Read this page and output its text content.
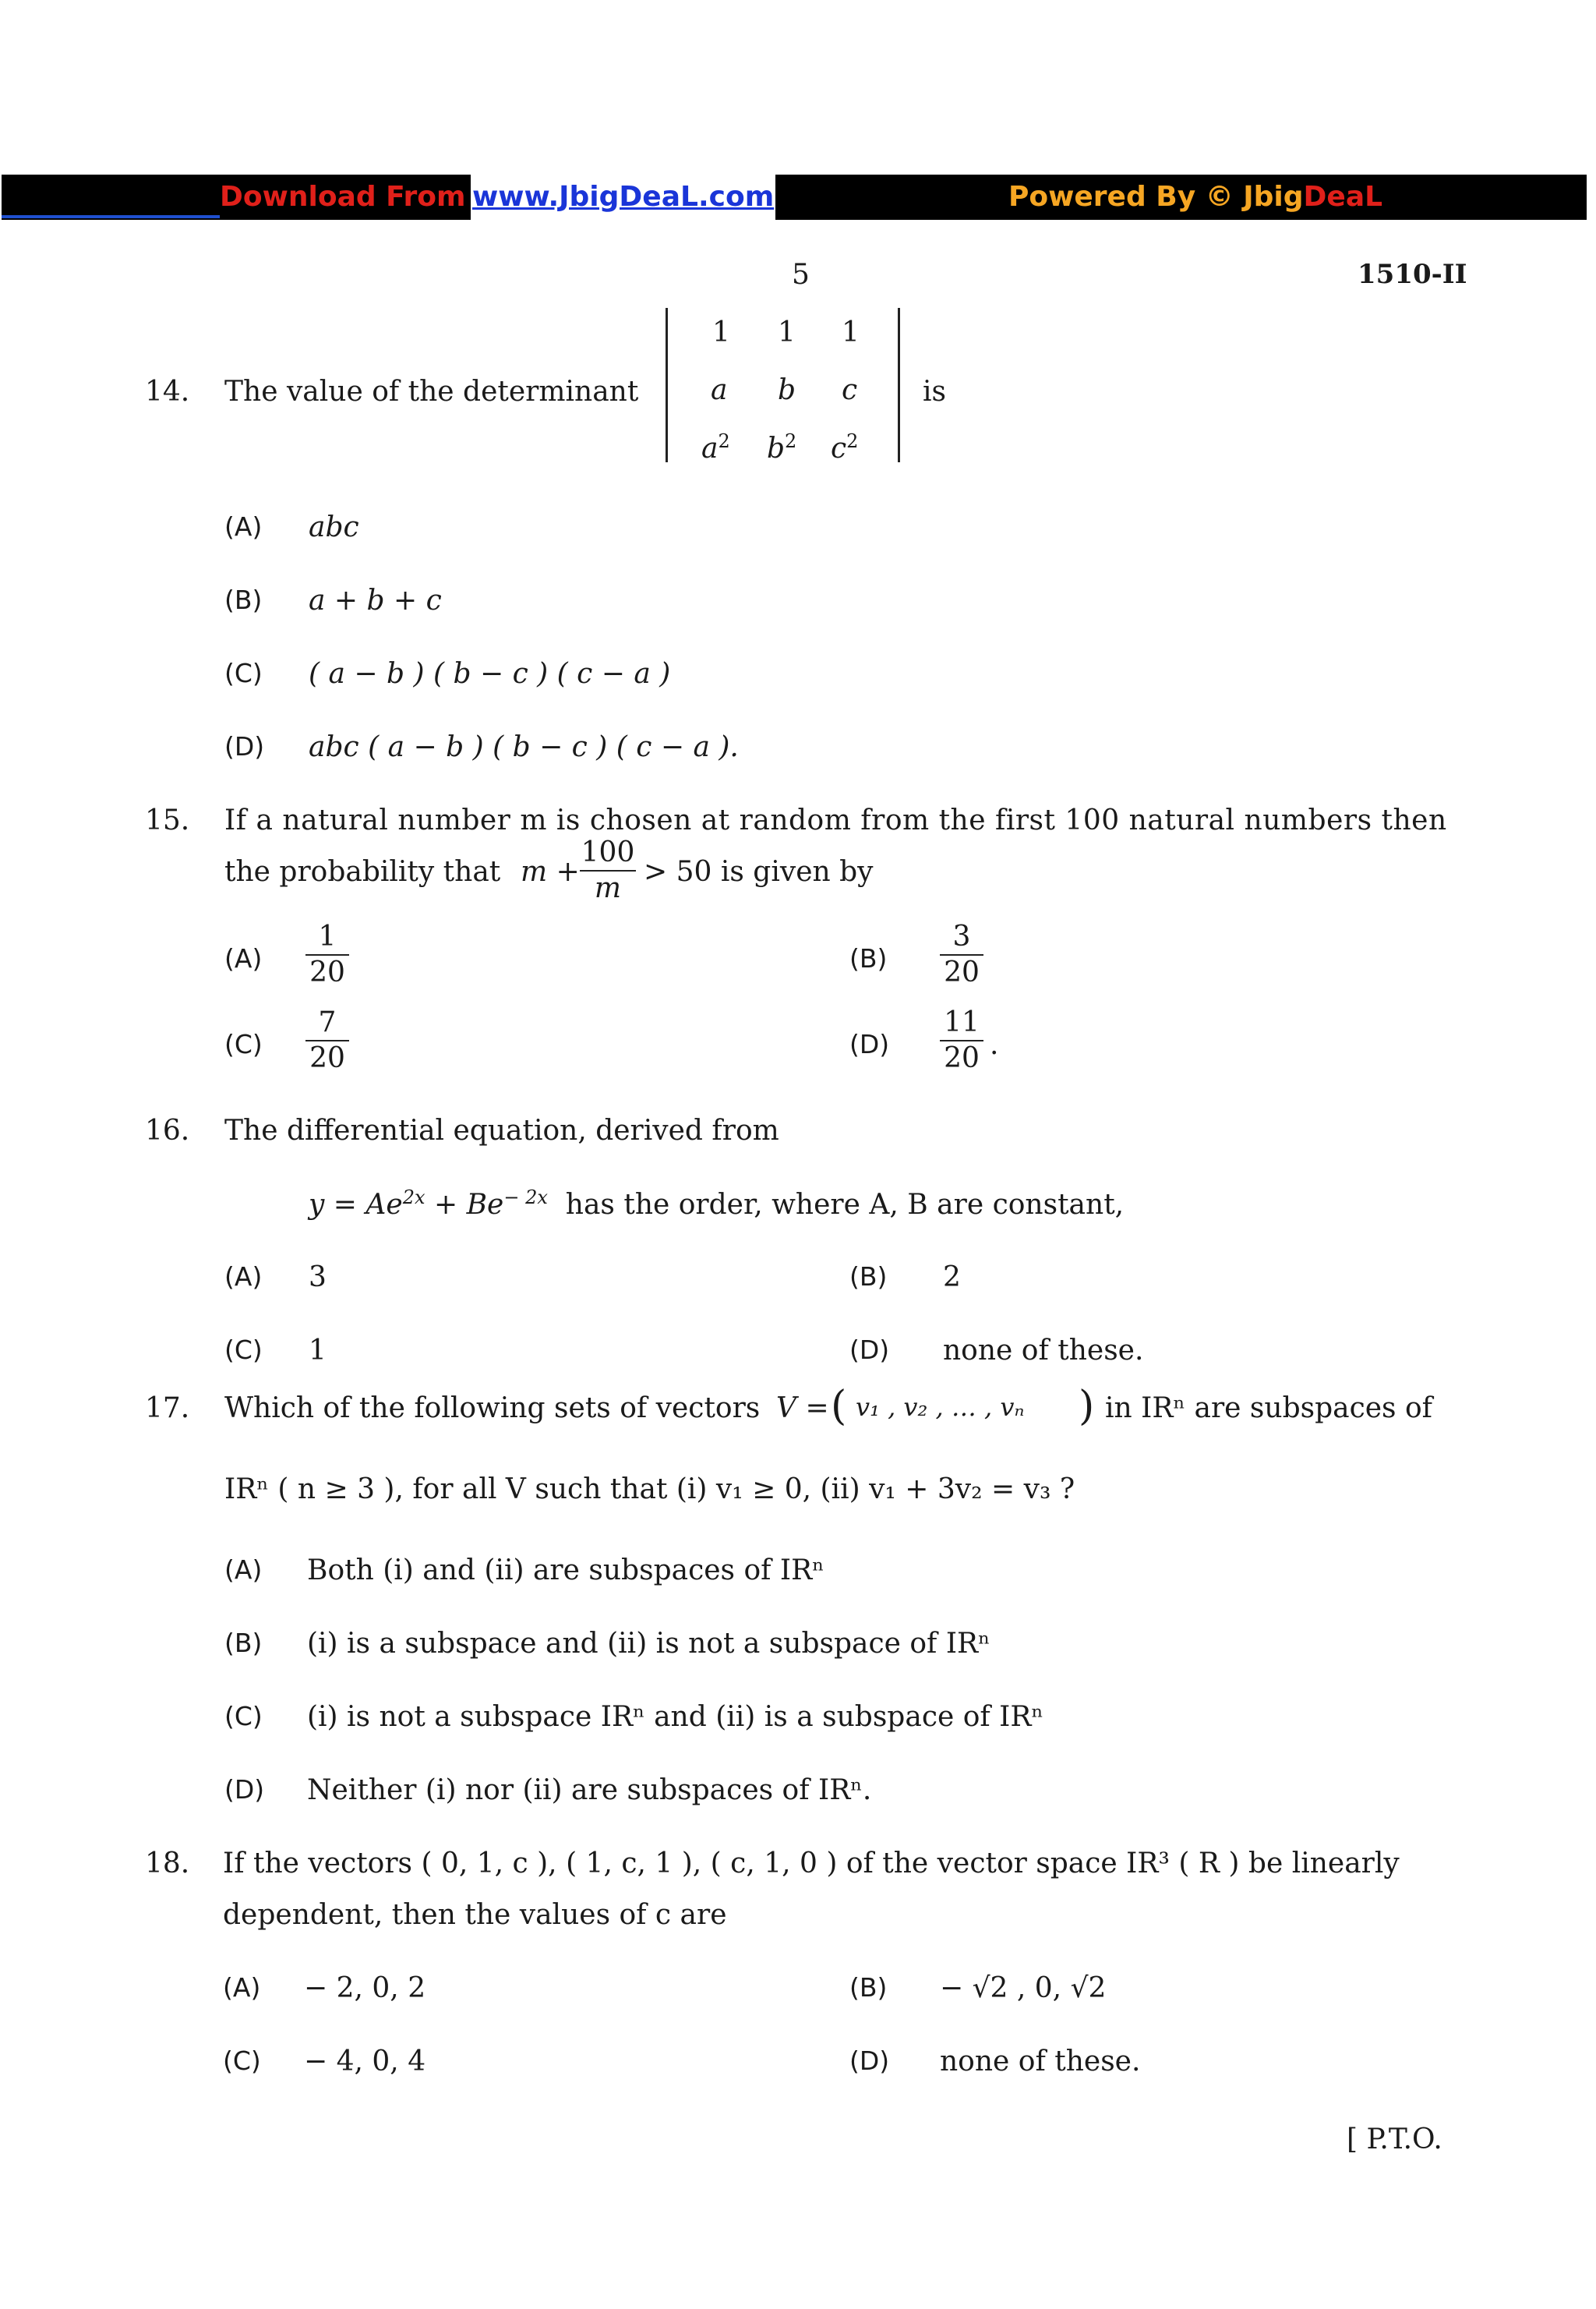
Download From www.JbigDeaL.com	Powered By © JbigDeaL
5	1510-II
14. The value of the determinant
1 1 1
a b c
$a^2$ $b^2$ $c^2$
is
(A) abc
(B) a + b + c
(C) ( a − b ) ( b − c ) ( c − a )
(D) abc ( a − b ) ( b − c ) ( c − a ).
15. If a natural number m is chosen at random from the first 100 natural numbers then
the probability that m +
100
m
> 50 is given by
(A)
1
20	(B)
3
20
(C)
7
20	(D)
11
20 .
16. The differential equation, derived from
$y = Ae^{2x} + Be^{- 2x}$ has the order, where A, B are constant,
(A) 3	(B) 2
(C) 1	(D) none of these.
17. Which of the following sets of vectors V = ( v₁ , v₂ , … , vₙ ) in IRⁿ are subspaces of
IRⁿ ( n ≥ 3 ), for all V such that (i) v₁ ≥ 0, (ii) v₁ + 3v₂ = v₃ ?
(A) Both (i) and (ii) are subspaces of IRⁿ
(B) (i) is a subspace and (ii) is not a subspace of IRⁿ
(C) (i) is not a subspace IRⁿ and (ii) is a subspace of IRⁿ
(D) Neither (i) nor (ii) are subspaces of IRⁿ.
18. If the vectors ( 0, 1, c ), ( 1, c, 1 ), ( c, 1, 0 ) of the vector space IR³ ( R ) be linearly
dependent, then the values of c are
(A) − 2, 0, 2	(B) − √2 , 0, √2
(C) − 4, 0, 4	(D) none of these.
[ P.T.O.
